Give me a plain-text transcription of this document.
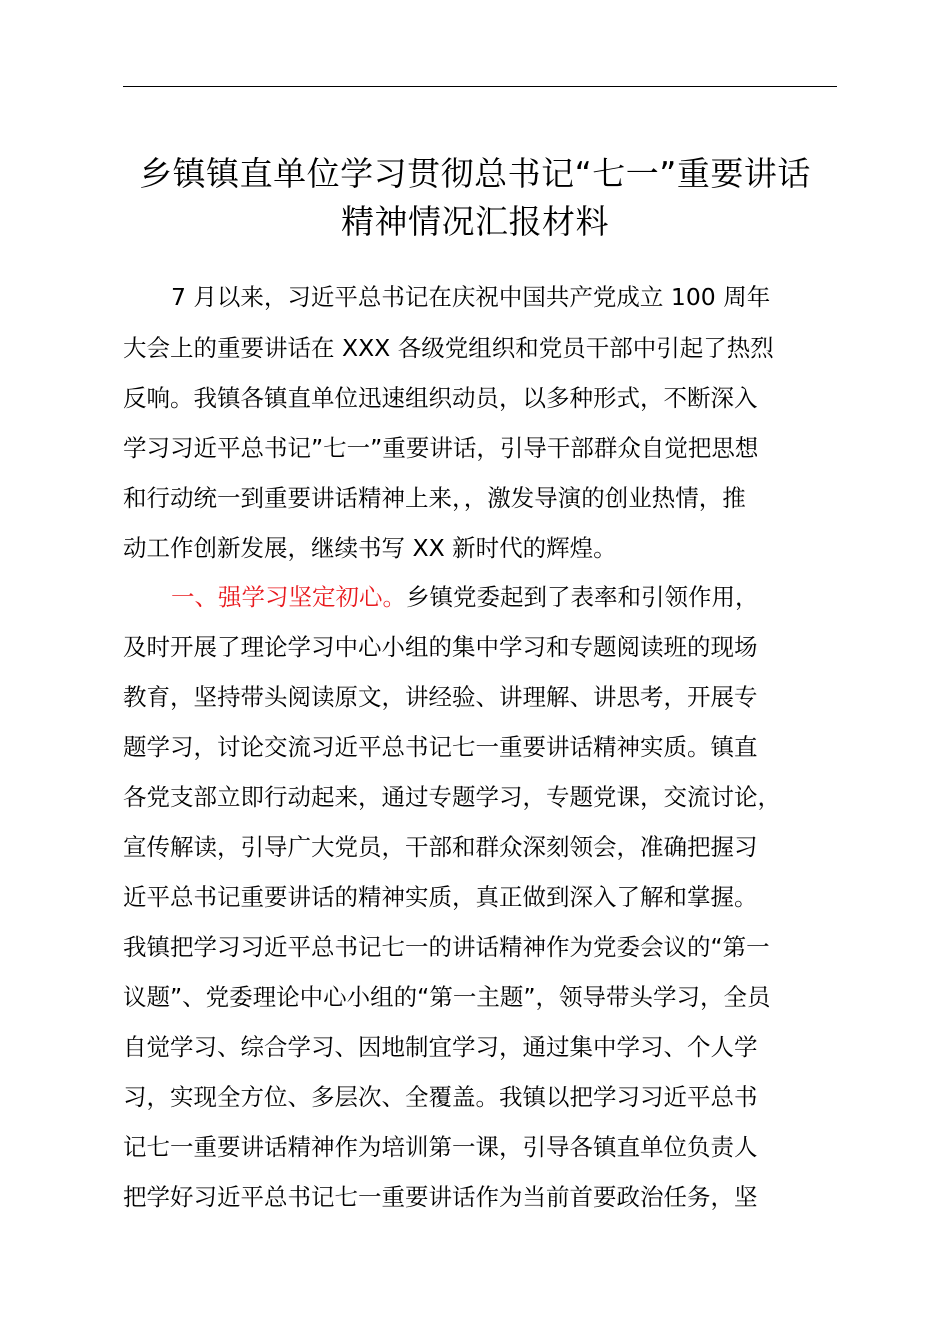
乡镇镇直单位学习贯彻总书记“七一”重要讲话
精神情况汇报材料
7 月以来，习近平总书记在庆祝中国共产党成立 100 周年
大会上的重要讲话在 XXX 各级党组织和党员干部中引起了热烈
反响。我镇各镇直单位迅速组织动员，以多种形式，不断深入
学习习近平总书记”七一”重要讲话，引导干部群众自觉把思想
和行动统一到重要讲话精神上来，，激发导演的创业热情，推
动工作创新发展，继续书写 XX 新时代的辉煌。
一、强学习坚定初心。乡镇党委起到了表率和引领作用，
及时开展了理论学习中心小组的集中学习和专题阅读班的现场
教育，坚持带头阅读原文，讲经验、讲理解、讲思考，开展专
题学习，讨论交流习近平总书记七一重要讲话精神实质。镇直
各党支部立即行动起来，通过专题学习，专题党课，交流讨论，
宣传解读，引导广大党员，干部和群众深刻领会，准确把握习
近平总书记重要讲话的精神实质，真正做到深入了解和掌握。
我镇把学习习近平总书记七一的讲话精神作为党委会议的“第一
议题”、党委理论中心小组的“第一主题”，领导带头学习，全员
自觉学习、综合学习、因地制宜学习，通过集中学习、个人学
习，实现全方位、多层次、全覆盖。我镇以把学习习近平总书
记七一重要讲话精神作为培训第一课，引导各镇直单位负责人
把学好习近平总书记七一重要讲话作为当前首要政治任务，坚
